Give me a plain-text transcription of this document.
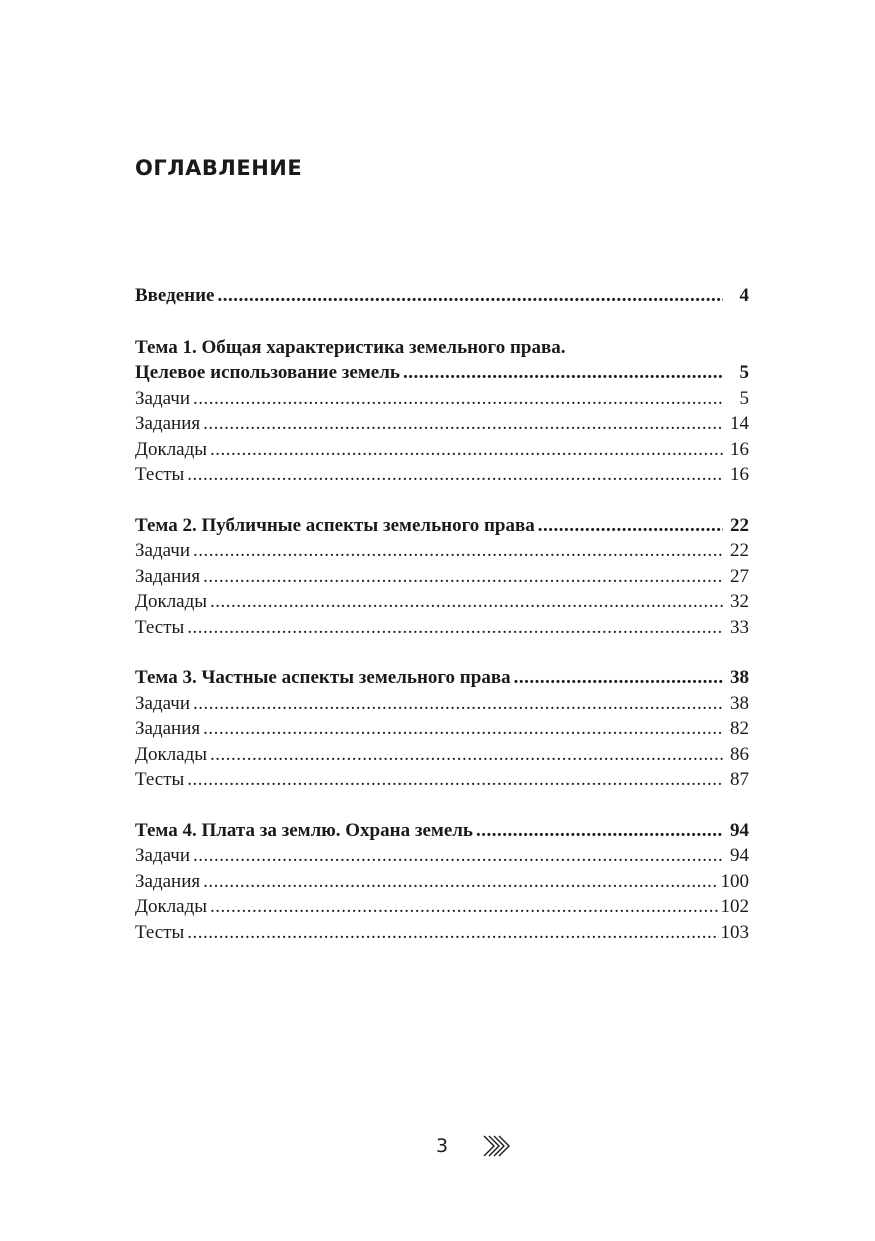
ОГЛАВЛЕНИЕ
Введение .....	4
Тема 1. Общая характеристика земельного права.
Целевое использование земель .....	5
Задачи .....	5
Задания .....	14
Доклады .....	16
Тесты .....	16
Тема 2. Публичные аспекты земельного права .....	22
Задачи .....	22
Задания .....	27
Доклады .....	32
Тесты .....	33
Тема 3. Частные аспекты земельного права .....	38
Задачи .....	38
Задания .....	82
Доклады .....	86
Тесты .....	87
Тема 4. Плата за землю. Охрана земель .....	94
Задачи .....	94
Задания .....	100
Доклады .....	102
Тесты .....	103
3
